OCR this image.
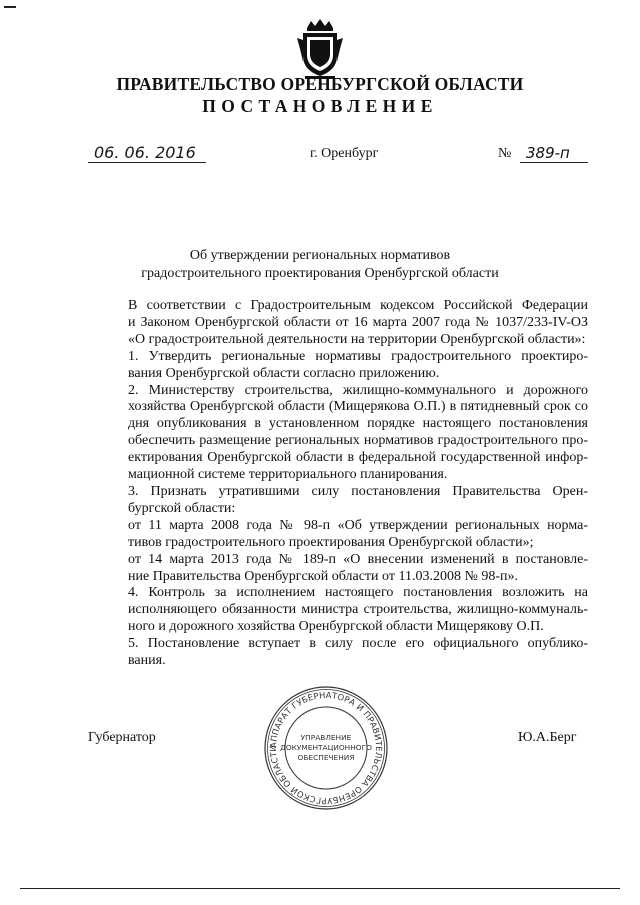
ПРАВИТЕЛЬСТВО ОРЕНБУРГСКОЙ ОБЛАСТИ
ПОСТАНОВЛЕНИЕ
06. 06. 2016	г. Оренбург	№ 389-п
Об утверждении региональных нормативов
градостроительного проектирования Оренбургской области

В соответствии с Градостроительным кодексом Российской Федерации
и Законом Оренбургской области от 16 марта 2007 года № 1037/233-IV-ОЗ
«О градостроительной деятельности на территории Оренбургской области»:

1. Утвердить региональные нормативы градостроительного проектиро-
вания Оренбургской области согласно приложению.

2. Министерству строительства, жилищно-коммунального и дорожного
хозяйства Оренбургской области (Мищерякова О.П.) в пятидневный срок со
дня опубликования в установленном порядке настоящего постановления
обеспечить размещение региональных нормативов градостроительного про-
ектирования Оренбургской области в федеральной государственной инфор-
мационной системе территориального планирования.

3. Признать утратившими силу постановления Правительства Орен-
бургской области:

от 11 марта 2008 года № 98-п «Об утверждении региональных норма-
тивов градостроительного проектирования Оренбургской области»;

от 14 марта 2013 года № 189-п «О внесении изменений в постановле-
ние Правительства Оренбургской области от 11.03.2008 № 98-п».

4. Контроль за исполнением настоящего постановления возложить на
исполняющего обязанности министра строительства, жилищно-коммуналь-
ного и дорожного хозяйства Оренбургской области Мищерякову О.П.

5. Постановление вступает в силу после его официального опублико-
вания.

Губернатор	Ю.А.Берг
АППАРАТ ГУБЕРНАТОРА И ПРАВИТЕЛЬСТВА ОРЕНБУРГСКОЙ ОБЛАСТИ
УПРАВЛЕНИЕ
ДОКУМЕНТАЦИОННОГО
ОБЕСПЕЧЕНИЯ
